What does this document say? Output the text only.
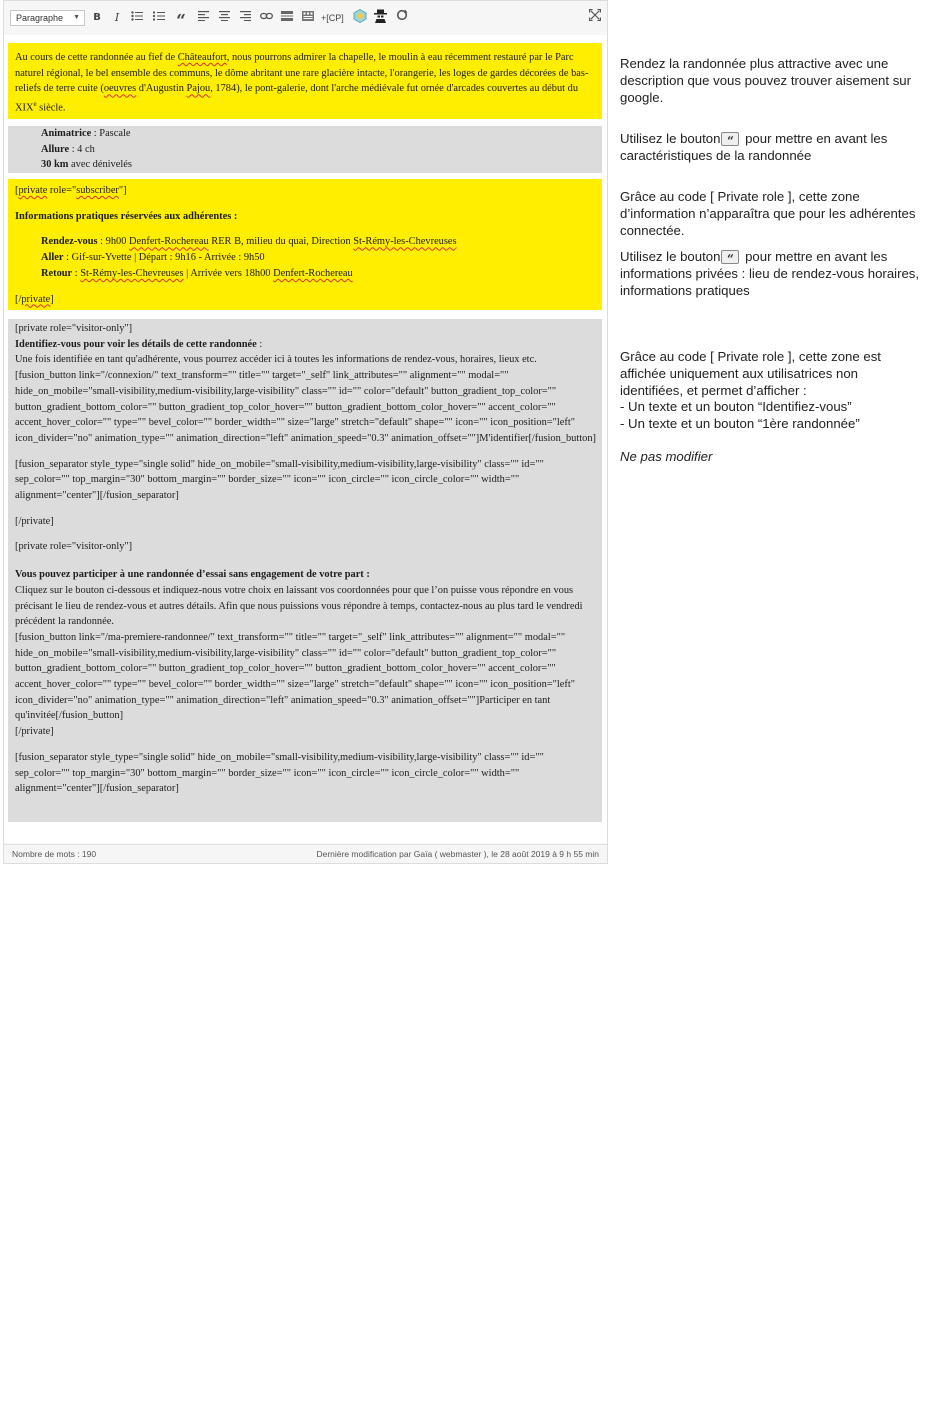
Paragraphe ▼	B	I	“	+[CP]

Au cours de cette randonnée au fief de Châteaufort, nous pourrons admirer la chapelle, le moulin à eau récemment restauré par le Parc naturel régional, le bel ensemble des communs, le dôme abritant une rare glacière intacte, l'orangerie, les loges de gardes décorées de bas-reliefs de terre cuite (oeuvres d'Augustin Pajou, 1784), le pont-galerie, dont l'arche médiévale fut ornée d'arcades couvertes au début du XIXe siècle.

Animatrice : Pascale

Allure : 4 ch

30 km avec dénivelés

[private role="subscriber"]

Informations pratiques réservées aux adhérentes :

Rendez-vous : 9h00 Denfert-Rochereau RER B, milieu du quai, Direction St-Rémy-les-Chevreuses

Aller : Gif-sur-Yvette | Départ : 9h16 - Arrivée : 9h50

Retour : St-Rémy-les-Chevreuses | Arrivée vers 18h00 Denfert-Rochereau

[/private]

[private role="visitor-only"]

Identifiez-vous pour voir les détails de cette randonnée :

Une fois identifiée en tant qu'adhérente, vous pourrez accéder ici à toutes les informations de rendez-vous, horaires, lieux etc.

[fusion_button link="/connexion/" text_transform="" title="" target="_self" link_attributes="" alignment="" modal="" hide_on_mobile="small-visibility,medium-visibility,large-visibility" class="" id="" color="default" button_gradient_top_color="" button_gradient_bottom_color="" button_gradient_top_color_hover="" button_gradient_bottom_color_hover="" accent_color="" accent_hover_color="" type="" bevel_color="" border_width="" size="large" stretch="default" shape="" icon="" icon_position="left" icon_divider="no" animation_type="" animation_direction="left" animation_speed="0.3" animation_offset=""]M'identifier[/fusion_button]

[fusion_separator style_type="single solid" hide_on_mobile="small-visibility,medium-visibility,large-visibility" class="" id="" sep_color="" top_margin="30" bottom_margin="" border_size="" icon="" icon_circle="" icon_circle_color="" width="" alignment="center"][/fusion_separator]

[/private]

[private role="visitor-only"]

Vous pouvez participer à une randonnée d’essai sans engagement de votre part :

Cliquez sur le bouton ci-dessous et indiquez-nous votre choix en laissant vos coordonnées pour que l’on puisse vous répondre en vous précisant le lieu de rendez-vous et autres détails. Afin que nous puissions vous répondre à temps, contactez-nous au plus tard le vendredi précédent la randonnée.

[fusion_button link="/ma-premiere-randonnee/" text_transform="" title="" target="_self" link_attributes="" alignment="" modal="" hide_on_mobile="small-visibility,medium-visibility,large-visibility" class="" id="" color="default" button_gradient_top_color="" button_gradient_bottom_color="" button_gradient_top_color_hover="" button_gradient_bottom_color_hover="" accent_color="" accent_hover_color="" type="" bevel_color="" border_width="" size="large" stretch="default" shape="" icon="" icon_position="left" icon_divider="no" animation_type="" animation_direction="left" animation_speed="0.3" animation_offset=""]Participer en tant qu'invitée[/fusion_button]

[/private]

[fusion_separator style_type="single solid" hide_on_mobile="small-visibility,medium-visibility,large-visibility" class="" id="" sep_color="" top_margin="30" bottom_margin="" border_size="" icon="" icon_circle="" icon_circle_color="" width="" alignment="center"][/fusion_separator]

Nombre de mots : 190	Dernière modification par Gaïa ( webmaster ), le 28 août 2019 à 9 h 55 min

Rendez la randonnée plus attractive avec une description que vous pouvez trouver aisement sur google.

Utilisez le bouton “ pour mettre en avant les caractéristiques de la randonnée

Grâce au code [ Private role ], cette zone d’information n’apparaîtra que pour les adhérentes connectée.

Utilisez le bouton “ pour mettre en avant les informations privées : lieu de rendez-vous horaires, informations pratiques

Grâce au code [ Private role ], cette zone est affichée uniquement aux utilisatrices non identifiées, et permet d’afficher :

- Un texte et un bouton “Identifiez-vous”

- Un texte et un bouton “1ère randonnée”

Ne pas modifier
